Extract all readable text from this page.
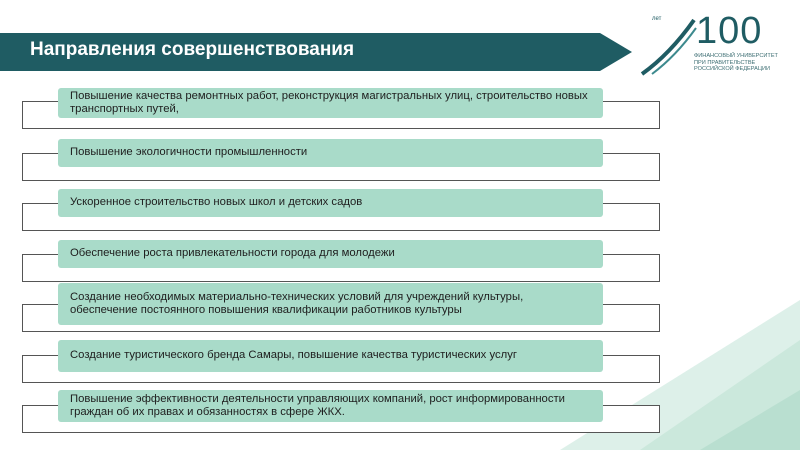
Направления совершенствования
лет 100
ФИНАНСОВЫЙ УНИВЕРСИТЕТ ПРИ ПРАВИТЕЛЬСТВЕ РОССИЙСКОЙ ФЕДЕРАЦИИ
Повышение качества ремонтных работ, реконструкция магистральных улиц, строительство новых транспортных путей,
Повышение экологичности промышленности
Ускоренное строительство новых школ и детских садов
Обеспечение роста привлекательности города для молодежи
Создание необходимых материально-технических условий для учреждений культуры, обеспечение постоянного повышения квалификации работников культуры
Создание туристического бренда Самары, повышение качества туристических услуг
Повышение эффективности деятельности управляющих компаний, рост информированности граждан об их правах и обязанностях в сфере ЖКХ.
